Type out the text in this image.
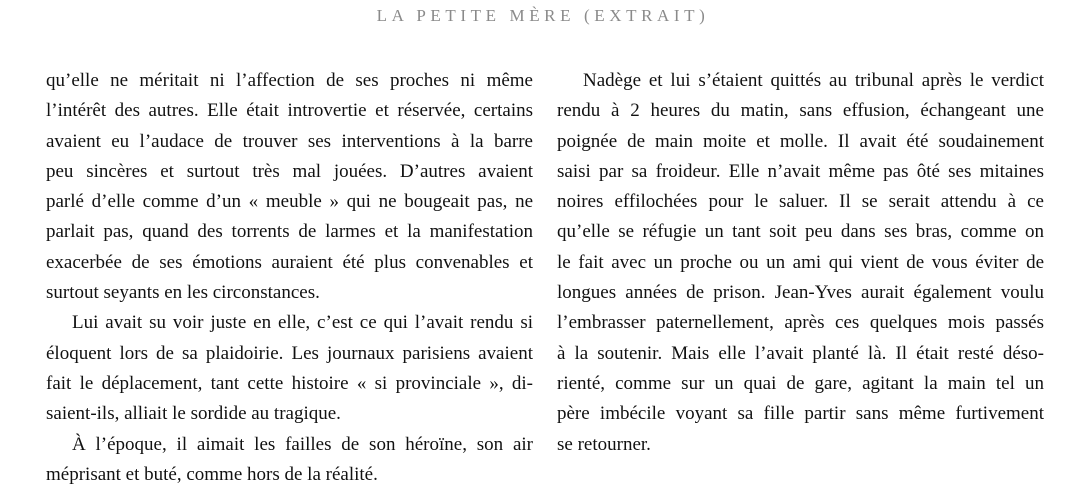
LA PETITE MÈRE (EXTRAIT)
qu’elle ne méritait ni l’affection de ses proches ni même
l’intérêt des autres. Elle était introvertie et réservée, certains
avaient eu l’audace de trouver ses interventions à la barre
peu sincères et surtout très mal jouées. D’autres avaient
parlé d’elle comme d’un « meuble » qui ne bougeait pas, ne
parlait pas, quand des torrents de larmes et la manifestation
exacerbée de ses émotions auraient été plus convenables et
surtout seyants en les circonstances.
Lui avait su voir juste en elle, c’est ce qui l’avait rendu si
éloquent lors de sa plaidoirie. Les journaux parisiens avaient
fait le déplacement, tant cette histoire « si provinciale », di-
saient-ils, alliait le sordide au tragique.
À l’époque, il aimait les failles de son héroïne, son air
méprisant et buté, comme hors de la réalité.
Nadège et lui s’étaient quittés au tribunal après le verdict
rendu à 2 heures du matin, sans effusion, échangeant une
poignée de main moite et molle. Il avait été soudainement
saisi par sa froideur. Elle n’avait même pas ôté ses mitaines
noires effilochées pour le saluer. Il se serait attendu à ce
qu’elle se réfugie un tant soit peu dans ses bras, comme on
le fait avec un proche ou un ami qui vient de vous éviter de
longues années de prison. Jean-Yves aurait également voulu
l’embrasser paternellement, après ces quelques mois passés
à la soutenir. Mais elle l’avait planté là. Il était resté déso-
rienté, comme sur un quai de gare, agitant la main tel un
père imbécile voyant sa fille partir sans même furtivement
se retourner.
